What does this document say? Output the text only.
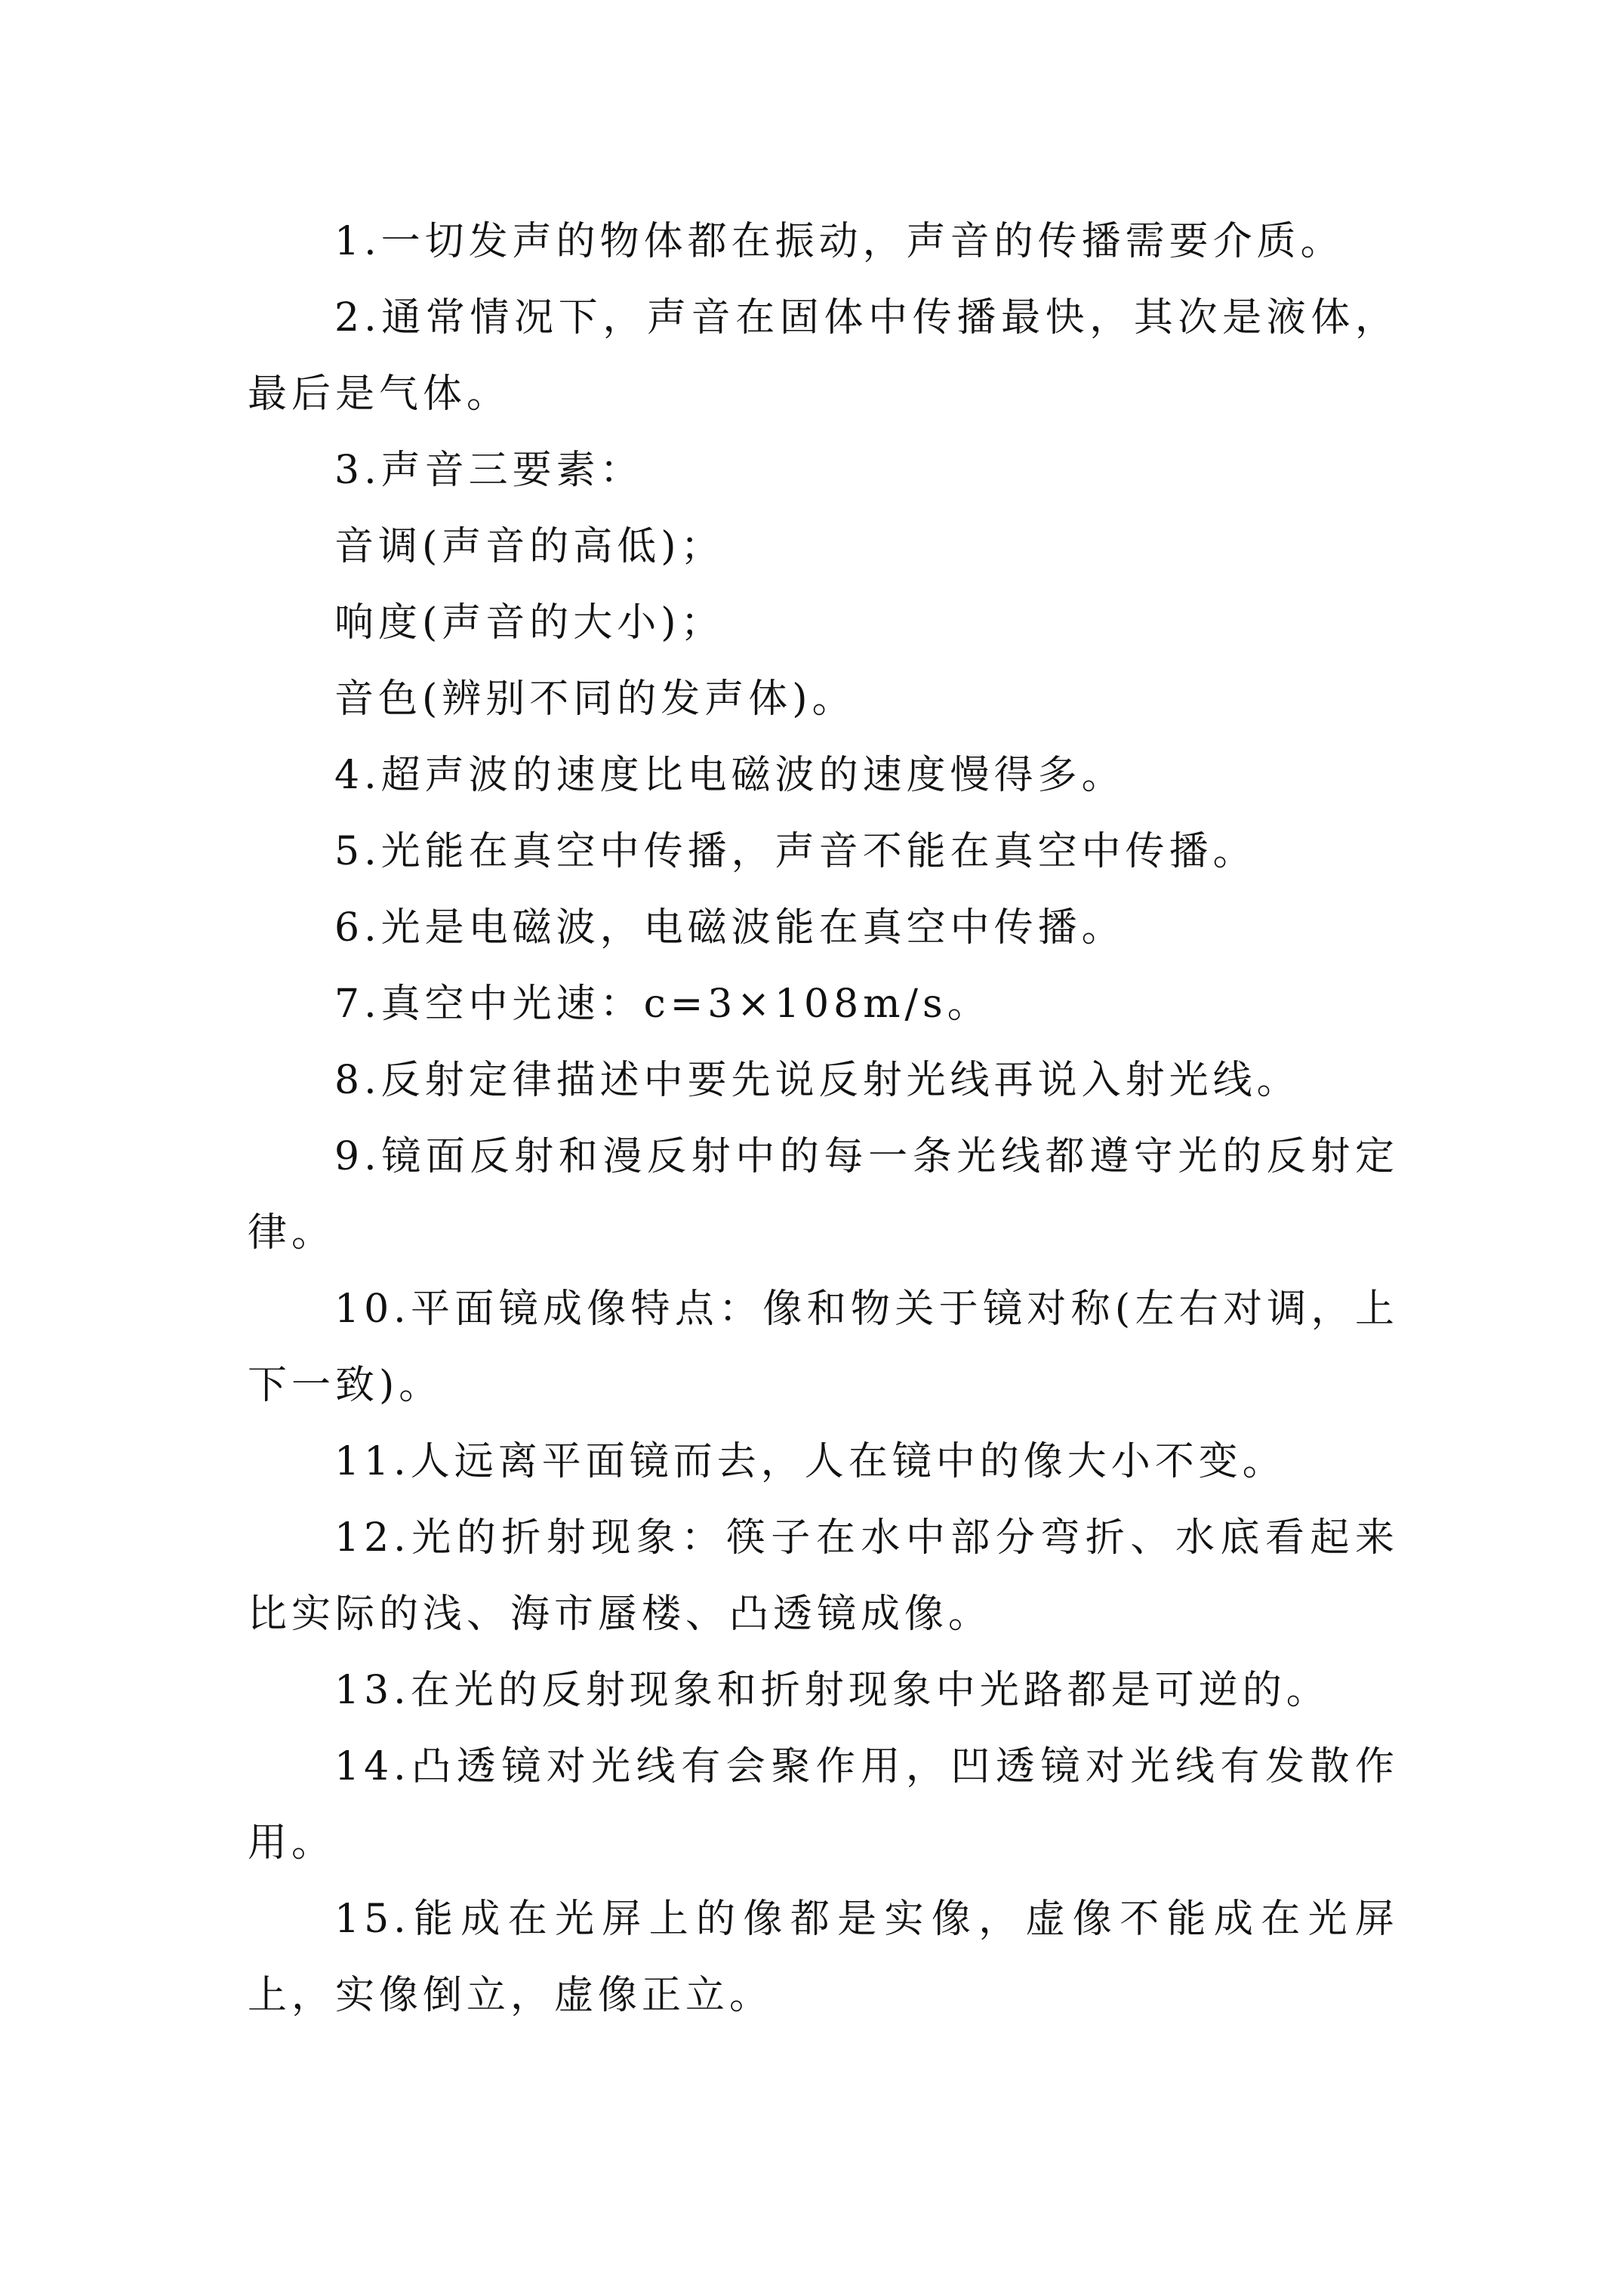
1.一切发声的物体都在振动，声音的传播需要介质。

2.通常情况下，声音在固体中传播最快，其次是液体，最后是气体。

3.声音三要素：

音调(声音的高低)；

响度(声音的大小)；

音色(辨别不同的发声体)。

4.超声波的速度比电磁波的速度慢得多。

5.光能在真空中传播，声音不能在真空中传播。

6.光是电磁波，电磁波能在真空中传播。

7.真空中光速：c=3×108m/s。

8.反射定律描述中要先说反射光线再说入射光线。

9.镜面反射和漫反射中的每一条光线都遵守光的反射定律。

10.平面镜成像特点：像和物关于镜对称(左右对调，上下一致)。

11.人远离平面镜而去，人在镜中的像大小不变。

12.光的折射现象：筷子在水中部分弯折、水底看起来比实际的浅、海市蜃楼、凸透镜成像。

13.在光的反射现象和折射现象中光路都是可逆的。

14.凸透镜对光线有会聚作用，凹透镜对光线有发散作用。

15.能成在光屏上的像都是实像，虚像不能成在光屏上，实像倒立，虚像正立。
